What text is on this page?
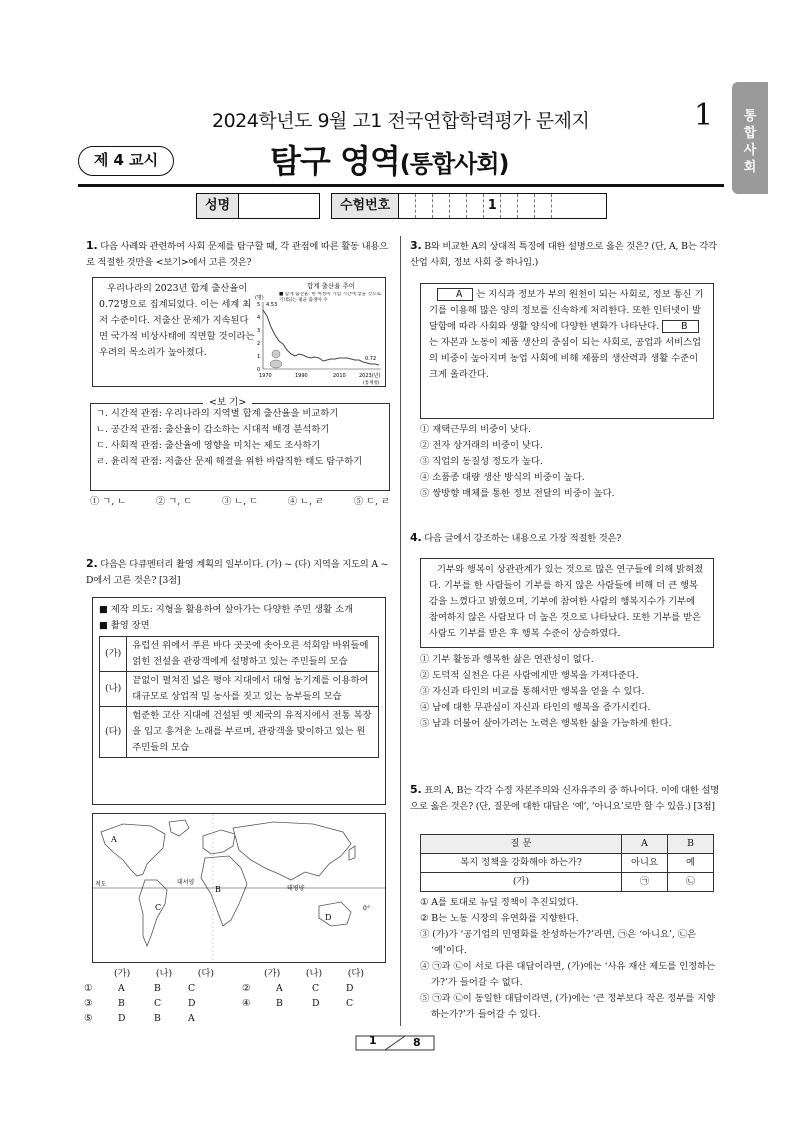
통
합
사
회
2024학년도 9월 고1 전국연합학력평가 문제지	1
제 4 교시	탐구 영역(통합사회)
성명	수험번호	1
1. 다음 사례와 관련하여 사회 문제를 탐구할 때, 각 관점에 따른 활동 내용으로 적절한 것만을 <보기>에서 고른 것은?
우리나라의 2023년 합계 출산율이 0.72명으로 집계되었다. 이는 세계 최저 수준이다. 저출산 문제가 지속된다면 국가적 비상사태에 직면할 것이라는 우려의 목소리가 높아졌다.
합계 출산율 추이
(명)
5
4
3
2
1
0
4.53
0.72
■ 합계 출산율: 한 여성이 가임 기간에 낳을 것으로 기대되는 평균 출생아 수
1970	1990	2010	2023(년)
(통계청)
<보 기>
ㄱ. 시간적 관점: 우리나라의 지역별 합계 출산율을 비교하기
ㄴ. 공간적 관점: 출산율이 감소하는 시대적 배경 분석하기
ㄷ. 사회적 관점: 출산율에 영향을 미치는 제도 조사하기
ㄹ. 윤리적 관점: 저출산 문제 해결을 위한 바람직한 태도 탐구하기
① ㄱ, ㄴ	② ㄱ, ㄷ	③ ㄴ, ㄷ	④ ㄴ, ㄹ	⑤ ㄷ, ㄹ
2. 다음은 다큐멘터리 촬영 계획의 일부이다. (가) ~ (다) 지역을 지도의 A ~ D에서 고른 것은? [3점]
■ 제작 의도: 지형을 활용하여 살아가는 다양한 주민 생활 소개
■ 촬영 장면
(가)	유럽선 위에서 푸른 바다 곳곳에 솟아오른 석회암 바위들에 얽힌 전설을 관광객에게 설명하고 있는 주민들의 모습
(나)	끝없이 펼쳐진 넓은 평야 지대에서 대형 농기계를 이용하여 대규모로 상업적 밀 농사를 짓고 있는 농부들의 모습
(다)	험준한 고산 지대에 건설된 옛 제국의 유적지에서 전통 복장을 입고 흥겨운 노래를 부르며, 관광객을 맞이하고 있는 원주민들의 모습
A
B
C
D
적도
태평양
대서양
0°
(가)	(나)	(다)	(가)	(나)	(다)
①	A	B	C	②	A	C	D
③	B	C	D	④	B	D	C
⑤	D	B	A
3. B와 비교한 A의 상대적 특징에 대한 설명으로 옳은 것은? (단, A, B는 각각 산업 사회, 정보 사회 중 하나임.)
A 는 지식과 정보가 부의 원천이 되는 사회로, 정보 통신 기기를 이용해 많은 양의 정보를 신속하게 처리한다. 또한 인터넷이 발달함에 따라 사회와 생활 양식에 다양한 변화가 나타난다. B 는 자본과 노동이 제품 생산의 중심이 되는 사회로, 공업과 서비스업의 비중이 높아지며 농업 사회에 비해 제품의 생산력과 생활 수준이 크게 올라간다.
① 재택근무의 비중이 낮다.
② 전자 상거래의 비중이 낮다.
③ 직업의 동질성 정도가 높다.
④ 소품종 대량 생산 방식의 비중이 높다.
⑤ 쌍방향 매체를 통한 정보 전달의 비중이 높다.
4. 다음 글에서 강조하는 내용으로 가장 적절한 것은?
기부와 행복이 상관관계가 있는 것으로 많은 연구들에 의해 밝혀졌다. 기부를 한 사람들이 기부를 하지 않은 사람들에 비해 더 큰 행복감을 느꼈다고 밝혔으며, 기부에 참여한 사람의 행복지수가 기부에 참여하지 않은 사람보다 더 높은 것으로 나타났다. 또한 기부를 받은 사람도 기부를 받은 후 행복 수준이 상승하였다.
① 기부 활동과 행복한 삶은 연관성이 없다.
② 도덕적 실천은 다른 사람에게만 행복을 가져다준다.
③ 자신과 타인의 비교를 통해서만 행복을 얻을 수 있다.
④ 남에 대한 무관심이 자신과 타인의 행복을 증가시킨다.
⑤ 남과 더불어 살아가려는 노력은 행복한 삶을 가능하게 한다.
5. 표의 A, B는 각각 수정 자본주의와 신자유주의 중 하나이다. 이에 대한 설명으로 옳은 것은? (단, 질문에 대한 대답은 ‘예’, ‘아니요’로만 할 수 있음.) [3점]
질 문	A	B
복지 정책을 강화해야 하는가?	아니요	예
(가)	㉠	㉡
① A를 토대로 뉴딜 정책이 추진되었다.
② B는 노동 시장의 유연화를 지향한다.
③ (가)가 ‘공기업의 민영화를 찬성하는가?’라면, ㉠은 ‘아니요’, ㉡은 ‘예’이다.
④ ㉠과 ㉡이 서로 다른 대답이라면, (가)에는 ‘사유 재산 제도를 인정하는가?’가 들어갈 수 없다.
⑤ ㉠과 ㉡이 동일한 대답이라면, (가)에는 ‘큰 정부보다 작은 정부를 지향하는가?’가 들어갈 수 있다.
1	8
